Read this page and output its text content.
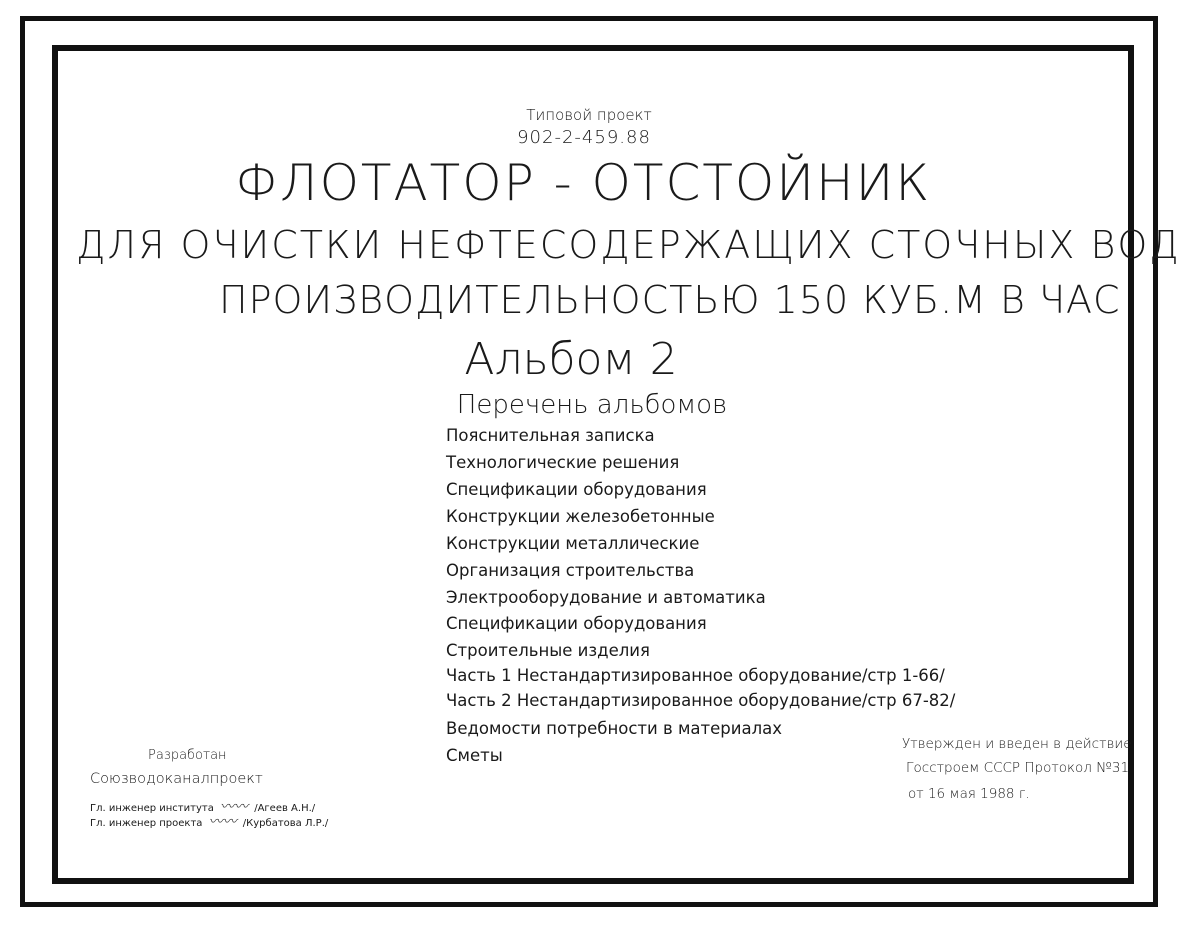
Типовой проект
902-2-459.88
ФЛОТАТОР - ОТСТОЙНИК
ДЛЯ ОЧИСТКИ НЕФТЕСОДЕРЖАЩИХ СТОЧНЫХ ВОД
ПРОИЗВОДИТЕЛЬНОСТЬЮ 150 КУБ.М В ЧАС
Альбом 2
Перечень альбомов
Пояснительная записка
Технологические решения
Спецификации оборудования
Конструкции железобетонные
Конструкции металлические
Организация строительства
Электрооборудование и автоматика
Спецификации оборудования
Строительные изделия
Часть 1 Нестандартизированное оборудование/стр 1-66/
Часть 2 Нестандартизированное оборудование/стр 67-82/
Ведомости потребности в материалах
Сметы
Разработан
Союзводоканалпроект
Гл. инженер института 〰〰 /Агеев А.Н./
Гл. инженер проекта 〰〰 /Курбатова Л.Р./
Утвержден и введен в действие
Госстроем СССР Протокол №31
от 16 мая 1988 г.
